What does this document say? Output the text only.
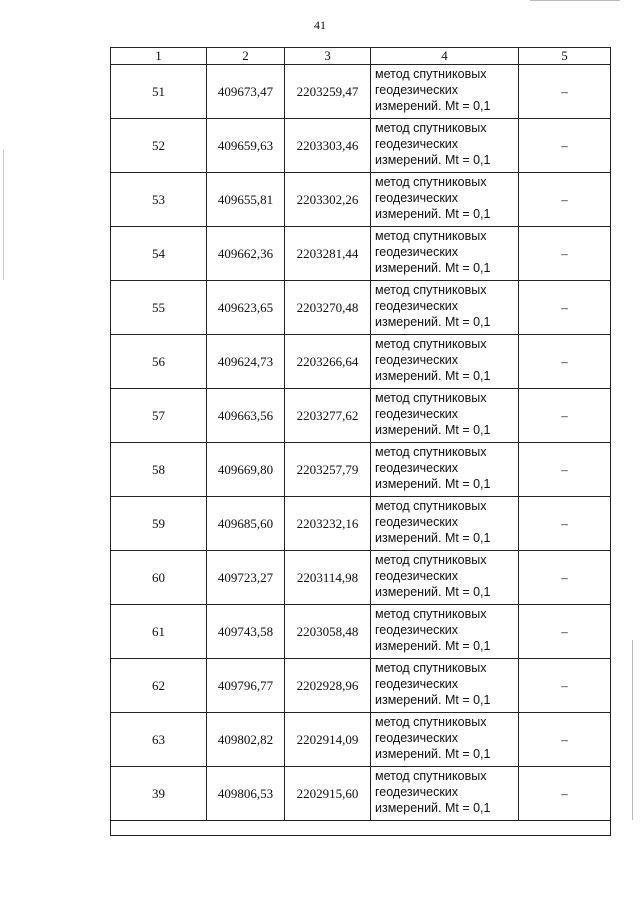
41
1	2	3	4	5
51	409673,47	2203259,47	метод спутниковых
геодезических
измерений. Mt = 0,1	–
52	409659,63	2203303,46	метод спутниковых
геодезических
измерений. Mt = 0,1	–
53	409655,81	2203302,26	метод спутниковых
геодезических
измерений. Mt = 0,1	–
54	409662,36	2203281,44	метод спутниковых
геодезических
измерений. Mt = 0,1	–
55	409623,65	2203270,48	метод спутниковых
геодезических
измерений. Mt = 0,1	–
56	409624,73	2203266,64	метод спутниковых
геодезических
измерений. Mt = 0,1	–
57	409663,56	2203277,62	метод спутниковых
геодезических
измерений. Mt = 0,1	–
58	409669,80	2203257,79	метод спутниковых
геодезических
измерений. Mt = 0,1	–
59	409685,60	2203232,16	метод спутниковых
геодезических
измерений. Mt = 0,1	–
60	409723,27	2203114,98	метод спутниковых
геодезических
измерений. Mt = 0,1	–
61	409743,58	2203058,48	метод спутниковых
геодезических
измерений. Mt = 0,1	–
62	409796,77	2202928,96	метод спутниковых
геодезических
измерений. Mt = 0,1	–
63	409802,82	2202914,09	метод спутниковых
геодезических
измерений. Mt = 0,1	–
39	409806,53	2202915,60	метод спутниковых
геодезических
измерений. Mt = 0,1	–
